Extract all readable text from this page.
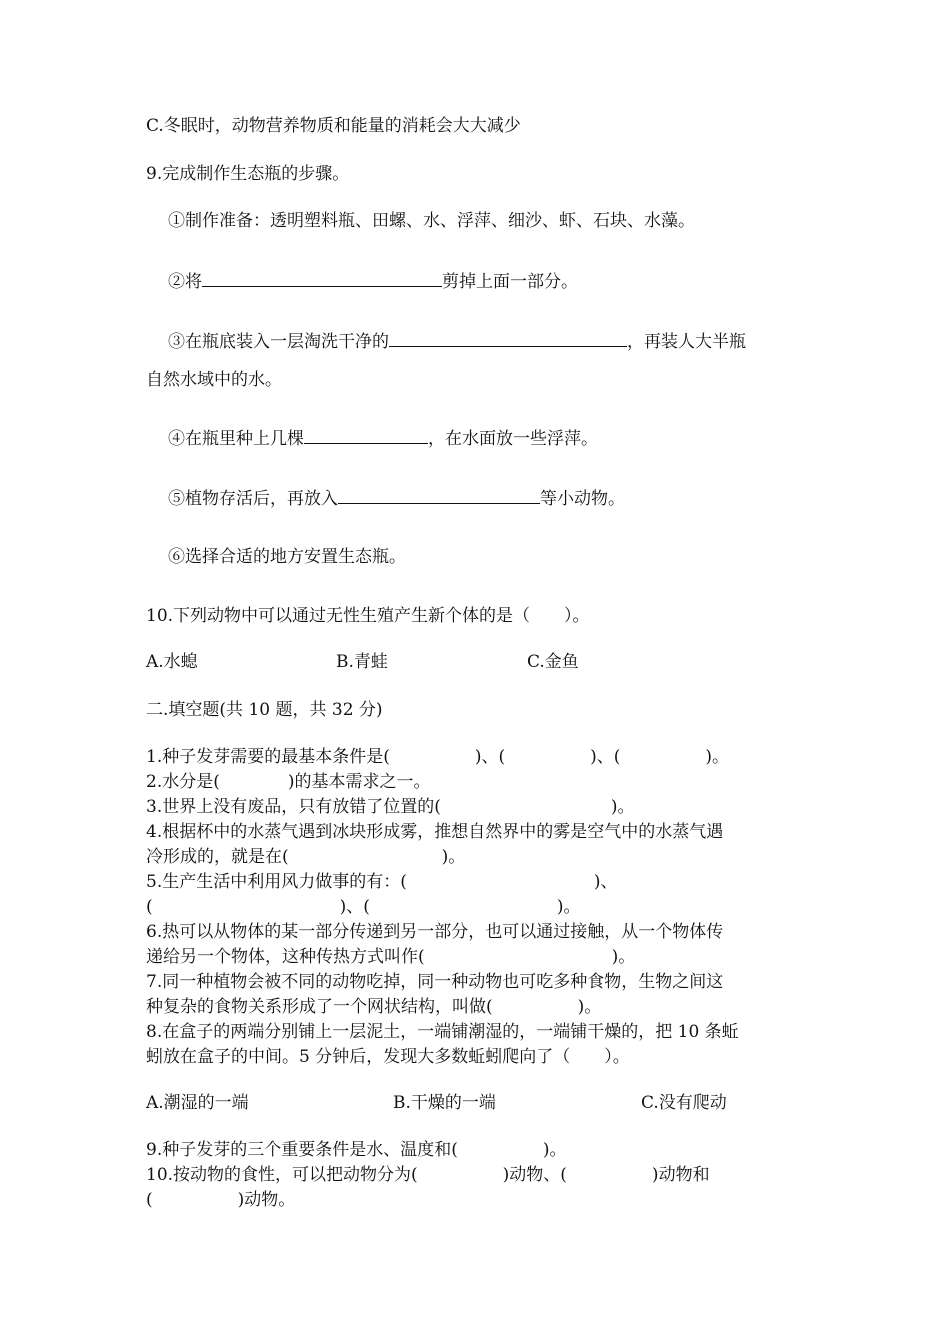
C.冬眠时，动物营养物质和能量的消耗会大大减少
9.完成制作生态瓶的步骤。
①制作准备：透明塑料瓶、田螺、水、浮萍、细沙、虾、石块、水藻。
②将	剪掉上面一部分。
③在瓶底装入一层淘洗干净的	，再装人大半瓶
自然水域中的水。
④在瓶里种上几棵	，在水面放一些浮萍。
⑤植物存活后，再放入	等小动物。
⑥选择合适的地方安置生态瓶。
10.下列动物中可以通过无性生殖产生新个体的是（　　）。
A.水螅	B.青蛙	C.金鱼
二.填空题(共 10 题，共 32 分)
1.种子发芽需要的最基本条件是(　　　　　)、(　　　　　)、(　　　　　)。
2.水分是(　　　　)的基本需求之一。
3.世界上没有废品，只有放错了位置的(　　　　　　　　　　)。
4.根据杯中的水蒸气遇到冰块形成雾，推想自然界中的雾是空气中的水蒸气遇
冷形成的，就是在(　　　　　　　　　)。
5.生产生活中利用风力做事的有：(　　　　　　　　　　　)、
(　　　　　　　　　　　)、(　　　　　　　　　　　)。
6.热可以从物体的某一部分传递到另一部分，也可以通过接触，从一个物体传
递给另一个物体，这种传热方式叫作(　　　　　　　　　　　)。
7.同一种植物会被不同的动物吃掉，同一种动物也可吃多种食物，生物之间这
种复杂的食物关系形成了一个网状结构，叫做(　　　　　)。
8.在盒子的两端分别铺上一层泥土，一端铺潮湿的，一端铺干燥的，把 10 条蚯
蚓放在盒子的中间。5 分钟后，发现大多数蚯蚓爬向了（　　）。
A.潮湿的一端	B.干燥的一端	C.没有爬动
9.种子发芽的三个重要条件是水、温度和(　　　　　)。
10.按动物的食性，可以把动物分为(　　　　　)动物、(　　　　　)动物和
(　　　　　)动物。
